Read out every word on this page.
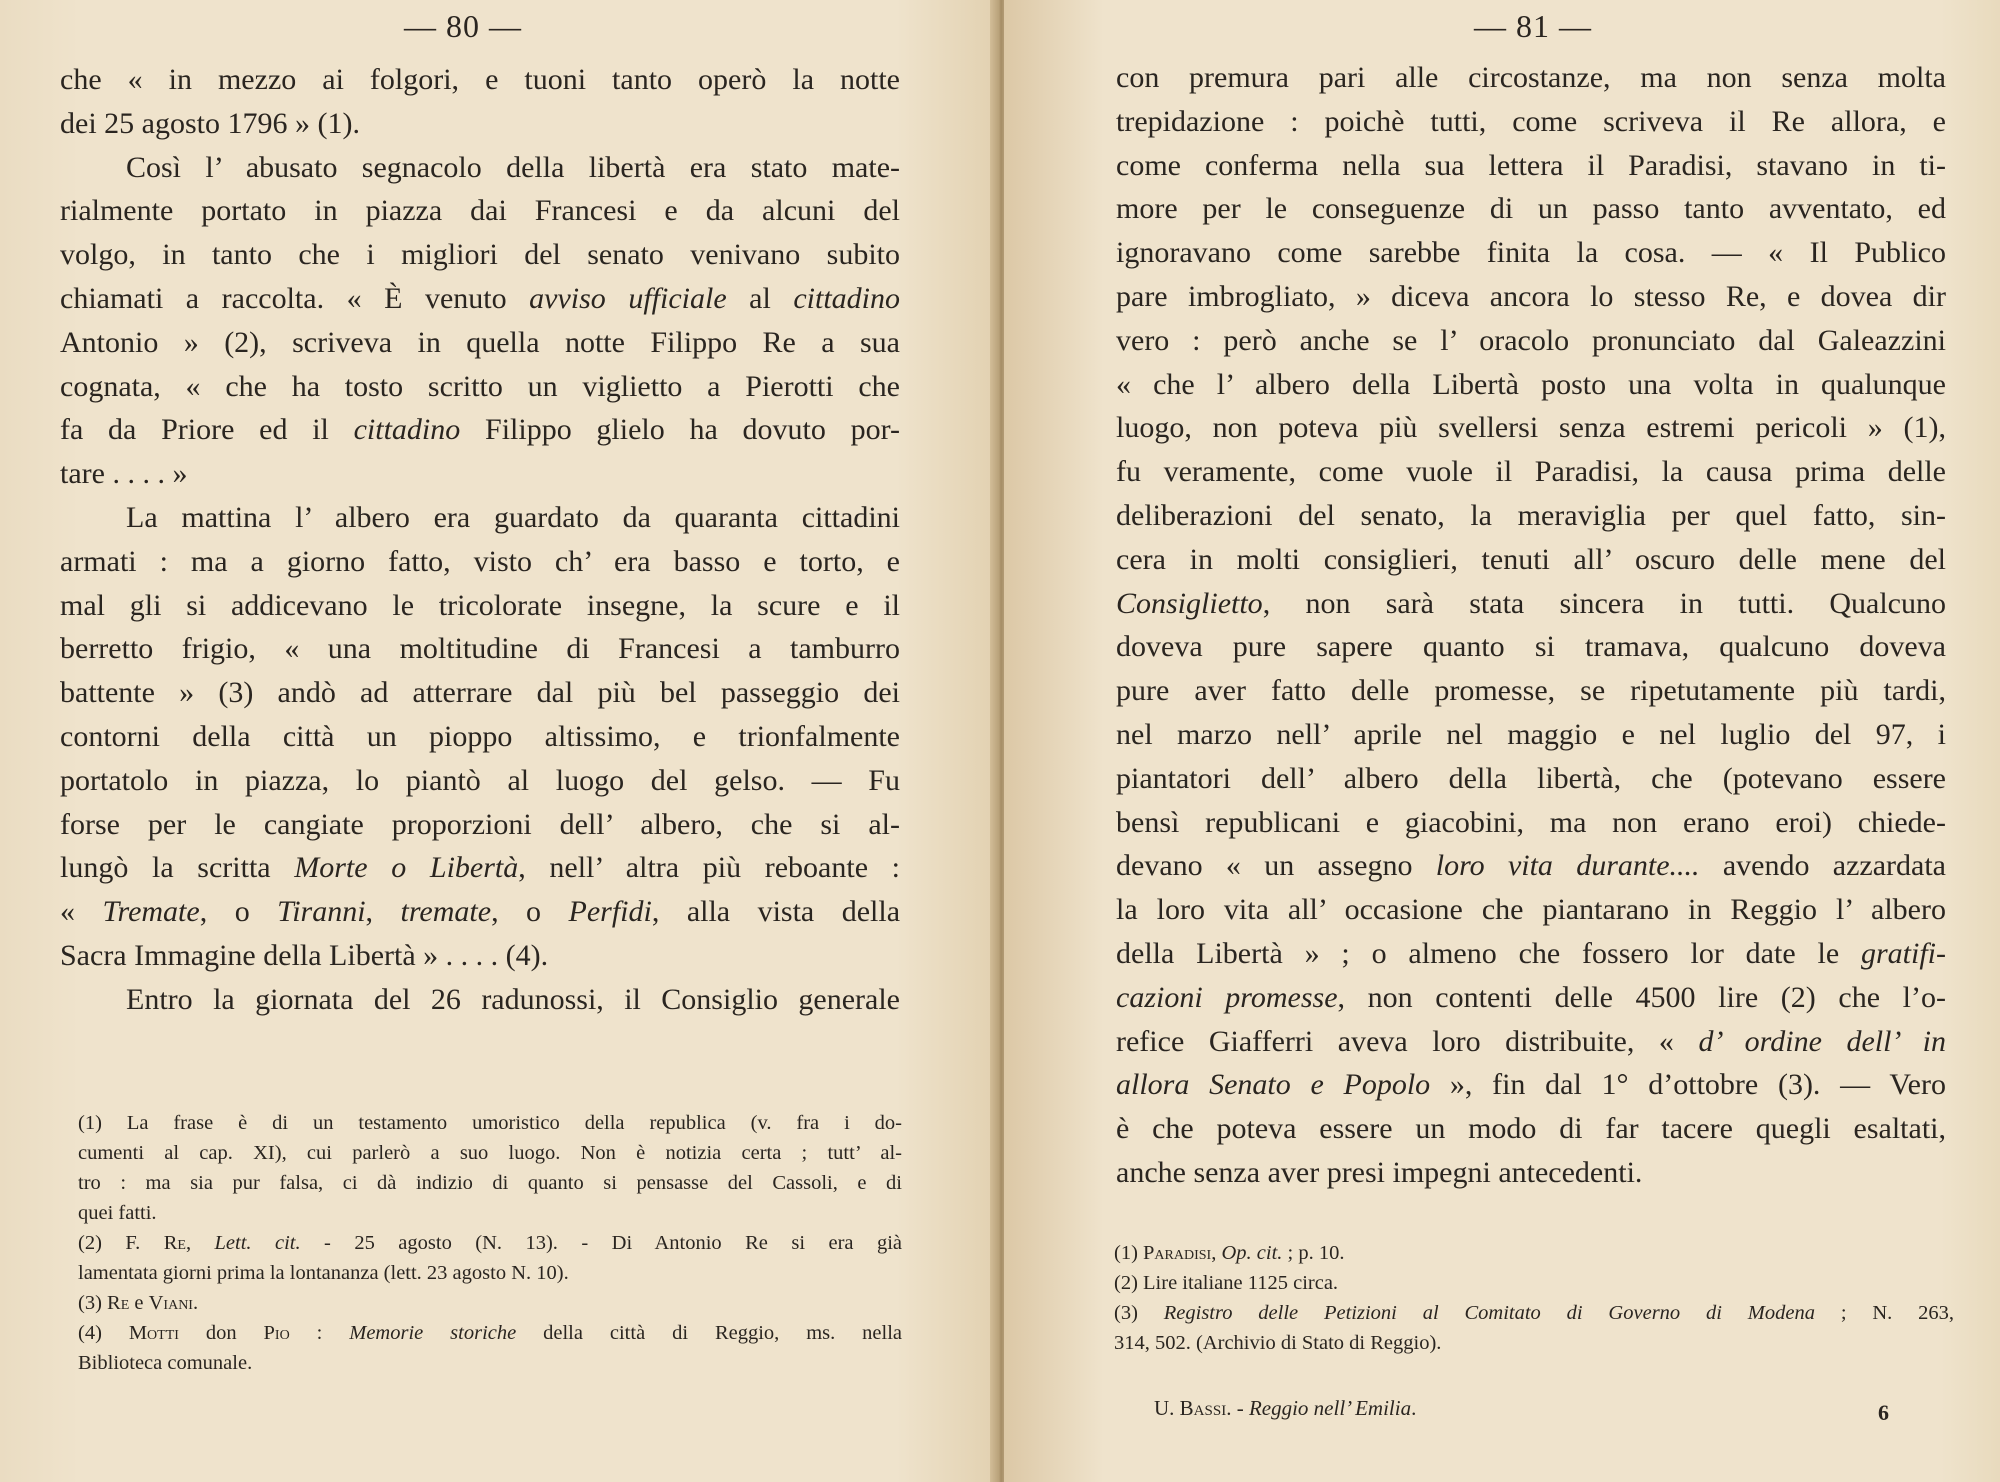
— 80 —
che « in mezzo ai folgori, e tuoni tanto operò la notte
dei 25 agosto 1796 » (1).
Così l’ abusato segnacolo della libertà era stato mate-
rialmente portato in piazza dai Francesi e da alcuni del
volgo, in tanto che i migliori del senato venivano subito
chiamati a raccolta. « È venuto avviso ufficiale al cittadino
Antonio » (2), scriveva in quella notte Filippo Re a sua
cognata, « che ha tosto scritto un viglietto a Pierotti che
fa da Priore ed il cittadino Filippo glielo ha dovuto por-
tare . . . . »
La mattina l’ albero era guardato da quaranta cittadini
armati : ma a giorno fatto, visto ch’ era basso e torto, e
mal gli si addicevano le tricolorate insegne, la scure e il
berretto frigio, « una moltitudine di Francesi a tamburro
battente » (3) andò ad atterrare dal più bel passeggio dei
contorni della città un pioppo altissimo, e trionfalmente
portatolo in piazza, lo piantò al luogo del gelso. — Fu
forse per le cangiate proporzioni dell’ albero, che si al-
lungò la scritta Morte o Libertà, nell’ altra più reboante :
« Tremate, o Tiranni, tremate, o Perfidi, alla vista della
Sacra Immagine della Libertà » . . . . (4).
Entro la giornata del 26 radunossi, il Consiglio generale
(1) La frase è di un testamento umoristico della republica (v. fra i do-
cumenti al cap. XI), cui parlerò a suo luogo. Non è notizia certa ; tutt’ al-
tro : ma sia pur falsa, ci dà indizio di quanto si pensasse del Cassoli, e di
quei fatti.
(2) F. Re, Lett. cit. - 25 agosto (N. 13). - Di Antonio Re si era già
lamentata giorni prima la lontananza (lett. 23 agosto N. 10).
(3) Re e Viani.
(4) Motti don Pio : Memorie storiche della città di Reggio, ms. nella
Biblioteca comunale.
— 81 —
con premura pari alle circostanze, ma non senza molta
trepidazione : poichè tutti, come scriveva il Re allora, e
come conferma nella sua lettera il Paradisi, stavano in ti-
more per le conseguenze di un passo tanto avventato, ed
ignoravano come sarebbe finita la cosa. — « Il Publico
pare imbrogliato, » diceva ancora lo stesso Re, e dovea dir
vero : però anche se l’ oracolo pronunciato dal Galeazzini
« che l’ albero della Libertà posto una volta in qualunque
luogo, non poteva più svellersi senza estremi pericoli » (1),
fu veramente, come vuole il Paradisi, la causa prima delle
deliberazioni del senato, la meraviglia per quel fatto, sin-
cera in molti consiglieri, tenuti all’ oscuro delle mene del
Consiglietto, non sarà stata sincera in tutti. Qualcuno
doveva pure sapere quanto si tramava, qualcuno doveva
pure aver fatto delle promesse, se ripetutamente più tardi,
nel marzo nell’ aprile nel maggio e nel luglio del 97, i
piantatori dell’ albero della libertà, che (potevano essere
bensì republicani e giacobini, ma non erano eroi) chiede-
devano « un assegno loro vita durante.... avendo azzardata
la loro vita all’ occasione che piantarano in Reggio l’ albero
della Libertà » ; o almeno che fossero lor date le gratifi-
cazioni promesse, non contenti delle 4500 lire (2) che l’o-
refice Giafferri aveva loro distribuite, « d’ ordine dell’ in
allora Senato e Popolo », fin dal 1° d’ottobre (3). — Vero
è che poteva essere un modo di far tacere quegli esaltati,
anche senza aver presi impegni antecedenti.
(1) Paradisi, Op. cit. ; p. 10.
(2) Lire italiane 1125 circa.
(3) Registro delle Petizioni al Comitato di Governo di Modena ; N. 263,
314, 502. (Archivio di Stato di Reggio).
U. Bassi. - Reggio nell’ Emilia.	6
